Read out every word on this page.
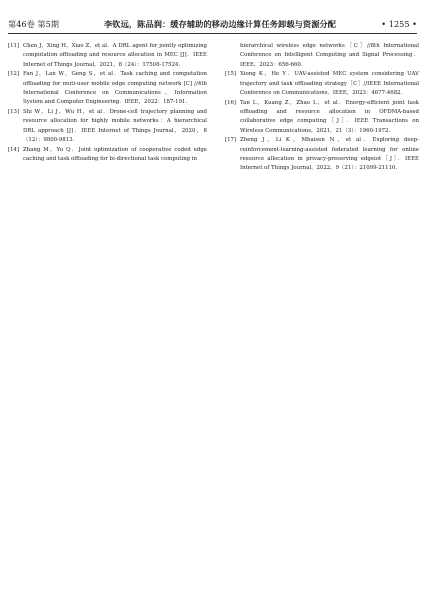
第46卷 第5期	李钦远，陈品润：缓存辅助的移动边缘计算任务卸载与资源分配	• 1255 •
[11] Chen J，Xing H，Xiao Z，et al．A DRL agent for jointly optimizing computation offloading and resource allocation in MEC [J]．IEEE Internet of Things Journal，2021，8（24）：17508-17524.
[12] Fan J，Lan W，Geng S，et al．Task caching and computation offloading for muti-user mobile edge computing network [C] //4th International Conference on Communications，Information System and Computer Engineering．IEEE，2022：187-191.
[13] Shi W，Li J，Wu H，et al．Drone-cell trajectory planning and resource allocation for highly mobile networks：A hierarchical DRL approach [J]．IEEE Internet of Things Journal，2020，8（12）：9800-9813.
[14] Zhang M，Yu Q．Joint optimization of cooperative coded edge caching and task offloading for bi-directional task computing in
hierarchical wireless edge networks［C］//8th International Conference on Intelligent Computing and Signal Processing．IEEE，2023：656-660.
[15] Xiong K，He Y．UAV-assisted MEC system considering UAV trajectory and task offloading strategy［C］//IEEE International Conference on Communications．IEEE，2023：4677-4682.
[16] Tan L，Kuang Z，Zhao L，et al．Energy-efficient joint task offloading and resource allocation in OFDMA-based collaborative edge computing［J］．IEEE Transactions on Wireless Communications，2021，21（3）：1960-1972.
[17] Zheng J，Li K，Mhaisen N，et al．Exploring deep-reinforcement-learning-assisted federated learning for online resource allocation in privacy-preserving edgeiot［J］．IEEE Internet of Things Journal，2022，9（21）：21099-21110.
